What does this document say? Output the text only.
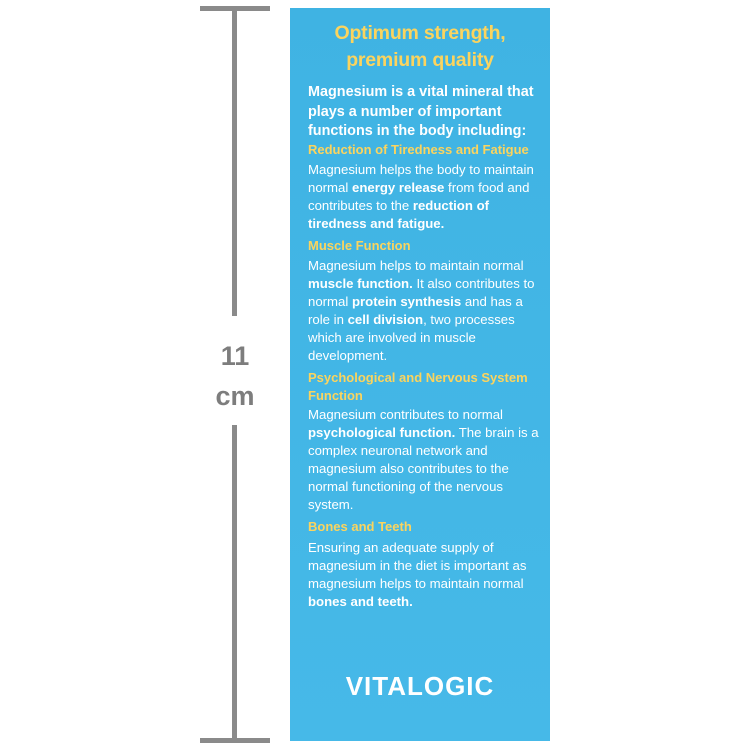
11
cm
Optimum strength,
premium quality
Magnesium is a vital mineral that plays a number of important functions in the body including:
Reduction of Tiredness and Fatigue
Magnesium helps the body to maintain normal energy release from food and contributes to the reduction of tiredness and fatigue.
Muscle Function
Magnesium helps to maintain normal muscle function. It also contributes to normal protein synthesis and has a role in cell division, two processes which are involved in muscle development.
Psychological and Nervous System
Function
Magnesium contributes to normal psychological function. The brain is a complex neuronal network and magnesium also contributes to the normal functioning of the nervous system.
Bones and Teeth
Ensuring an adequate supply of magnesium in the diet is important as magnesium helps to maintain normal bones and teeth.
VITALOGIC
